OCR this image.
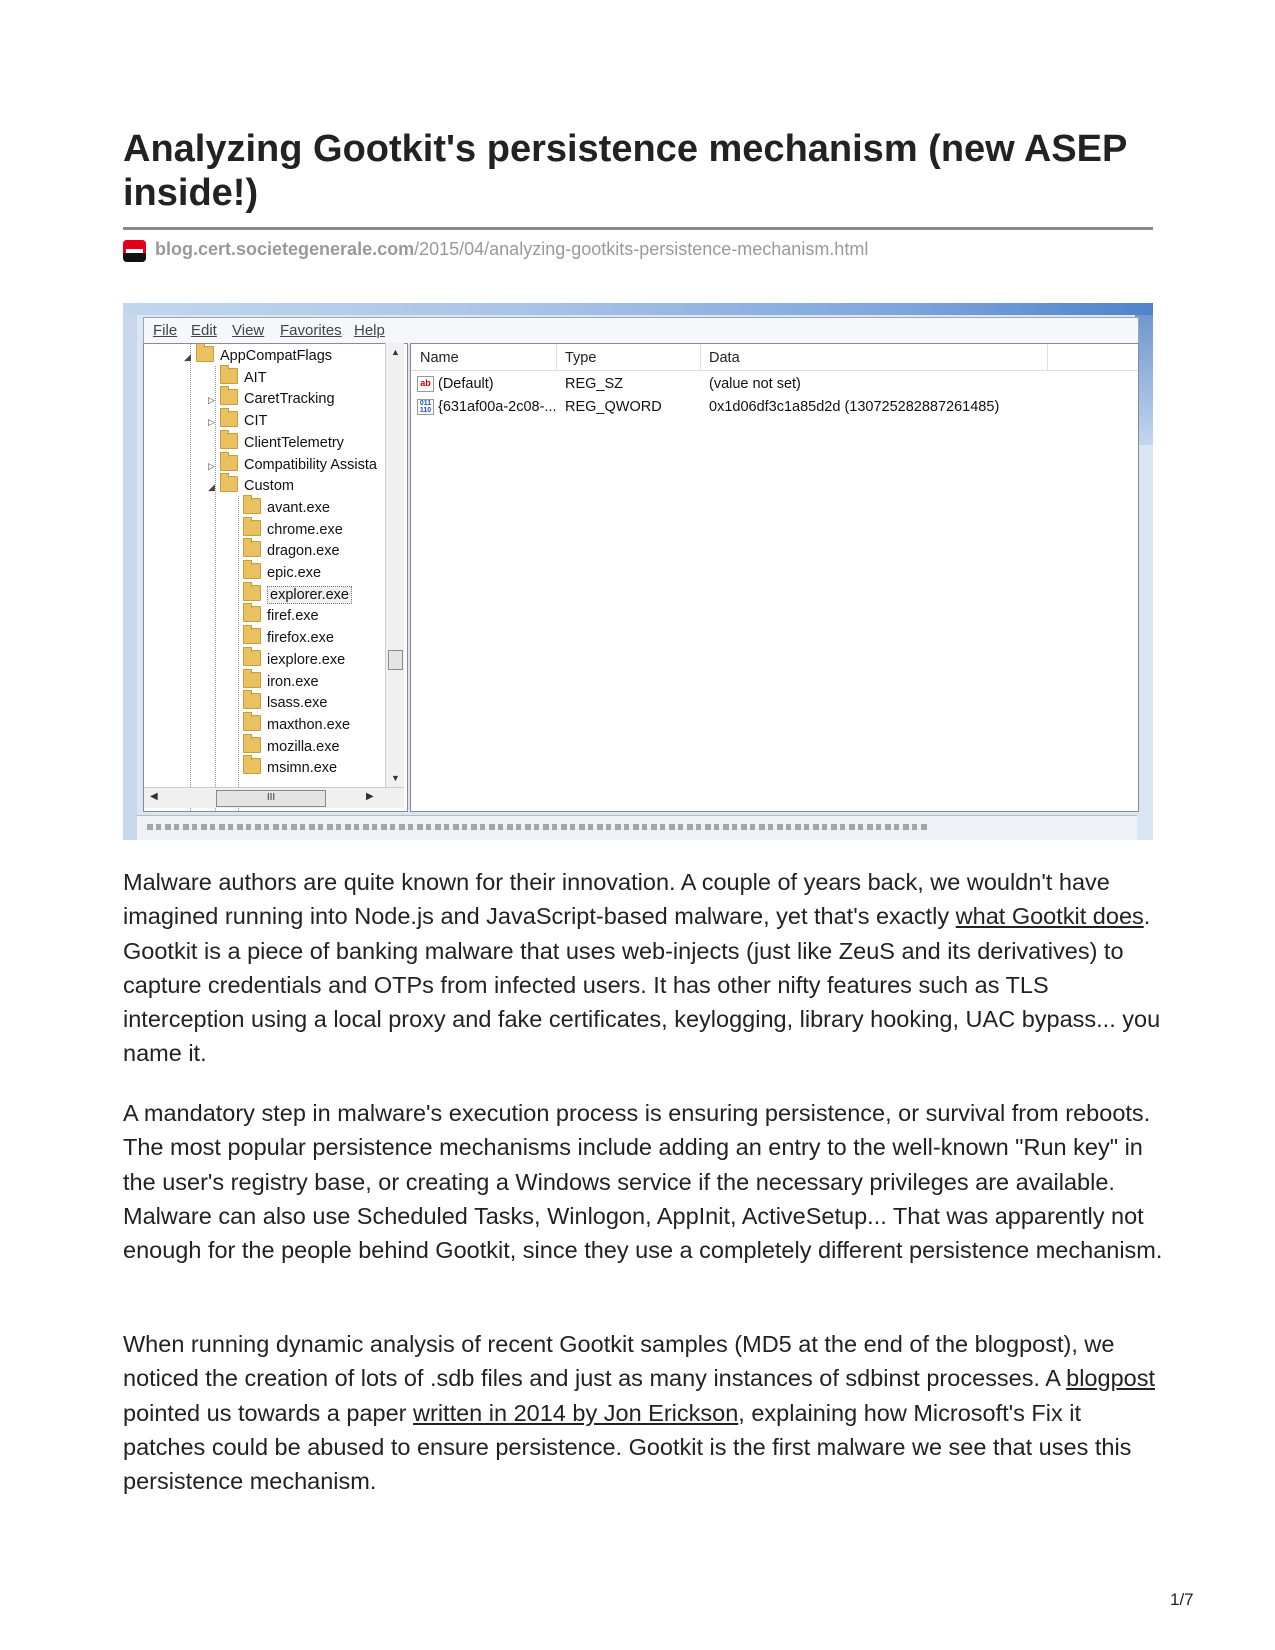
Analyzing Gootkit's persistence mechanism (new ASEP inside!)
blog.cert.societegenerale.com/2015/04/analyzing-gootkits-persistence-mechanism.html
File Edit View Favorites Help
◢ AppCompatFlags
AIT
▷ CaretTracking
▷ CIT
ClientTelemetry
▷ Compatibility Assista
◢ Custom
avant.exe
chrome.exe
dragon.exe
epic.exe
explorer.exe
firef.exe
firefox.exe
iexplore.exe
iron.exe
lsass.exe
maxthon.exe
mozilla.exe
msimn.exe
▲
▼
◀	III	▶
Name	Type	Data
ab (Default)	REG_SZ	(value not set)
011
110 {631af00a-2c08-... REG_QWORD	0x1d06df3c1a85d2d (130725282887261485)

Malware authors are quite known for their innovation. A couple of years back, we wouldn't have imagined running into Node.js and JavaScript-based malware, yet that's exactly what Gootkit does. Gootkit is a piece of banking malware that uses web-injects (just like ZeuS and its derivatives) to capture credentials and OTPs from infected users. It has other nifty features such as TLS interception using a local proxy and fake certificates, keylogging, library hooking, UAC bypass... you name it.

A mandatory step in malware's execution process is ensuring persistence, or survival from reboots. The most popular persistence mechanisms include adding an entry to the well-known "Run key" in the user's registry base, or creating a Windows service if the necessary privileges are available. Malware can also use Scheduled Tasks, Winlogon, AppInit, ActiveSetup... That was apparently not enough for the people behind Gootkit, since they use a completely different persistence mechanism.

When running dynamic analysis of recent Gootkit samples (MD5 at the end of the blogpost), we noticed the creation of lots of .sdb files and just as many instances of sdbinst processes. A blogpost pointed us towards a paper written in 2014 by Jon Erickson, explaining how Microsoft's Fix it patches could be abused to ensure persistence. Gootkit is the first malware we see that uses this persistence mechanism.

1/7
